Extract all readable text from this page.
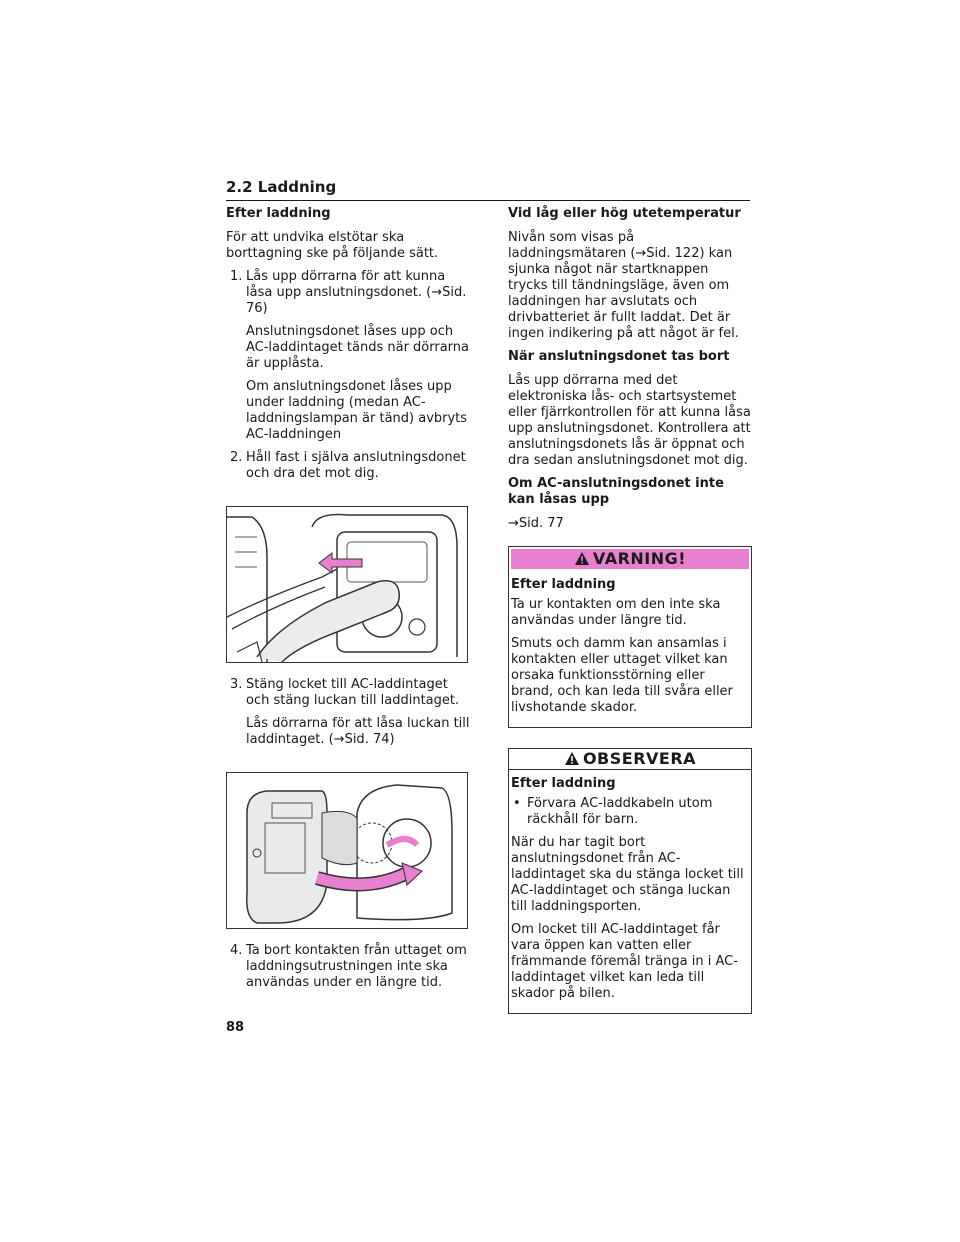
2.2 Laddning
Efter laddning

För att undvika elstötar ska borttagning ske på följande sätt.

1. Lås upp dörrarna för att kunna låsa upp anslutningsdonet. (→Sid. 76)

Anslutningsdonet låses upp och AC-laddintaget tänds när dörrarna är upplåsta.

Om anslutningsdonet låses upp under laddning (medan AC-laddningslampan är tänd) avbryts AC-laddningen

2. Håll fast i själva anslutningsdonet och dra det mot dig.
3. Stäng locket till AC-laddintaget och stäng luckan till laddintaget.

Lås dörrarna för att låsa luckan till laddintaget. (→Sid. 74)

4. Ta bort kontakten från uttaget om laddningsutrustningen inte ska användas under en längre tid.
Vid låg eller hög utetemperatur

Nivån som visas på laddningsmätaren (→Sid. 122) kan sjunka något när startknappen trycks till tändningsläge, även om laddningen har avslutats och drivbatteriet är fullt laddat. Det är ingen indikering på att något är fel.

När anslutningsdonet tas bort

Lås upp dörrarna med det elektroniska lås- och startsystemet eller fjärrkontrollen för att kunna låsa upp anslutningsdonet. Kontrollera att anslutningsdonets lås är öppnat och dra sedan anslutningsdonet mot dig.

Om AC-anslutningsdonet inte kan låsas upp

→Sid. 77

VARNING!
Efter laddning

Ta ur kontakten om den inte ska användas under längre tid.

Smuts och damm kan ansamlas i kontakten eller uttaget vilket kan orsaka funktionsstörning eller brand, och kan leda till svåra eller livshotande skador.

OBSERVERA
Efter laddning
• Förvara AC-laddkabeln utom räckhåll för barn.

När du har tagit bort anslutningsdonet från AC-laddintaget ska du stänga locket till AC-laddintaget och stänga luckan till laddningsporten.

Om locket till AC-laddintaget får vara öppen kan vatten eller främmande föremål tränga in i AC-laddintaget vilket kan leda till skador på bilen.

88
